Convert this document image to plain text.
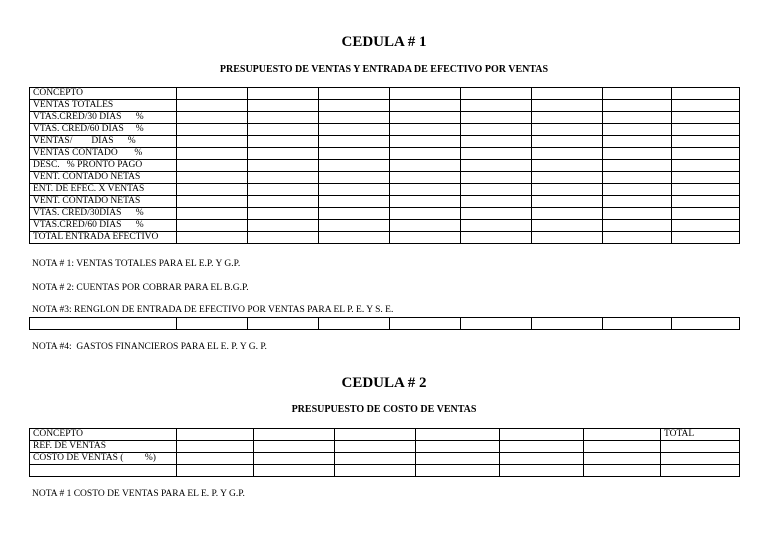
CEDULA # 1
PRESUPUESTO DE VENTAS Y ENTRADA DE EFECTIVO POR VENTAS
CONCEPTO								
VENTAS TOTALES								
VTAS.CRED/30 DIAS      %								
VTAS. CRED/60 DIAS     %								
VENTAS/        DIAS      %								
VENTAS CONTADO       %								
DESC.   % PRONTO PAGO								
VENT. CONTADO NETAS								
ENT. DE EFEC. X VENTAS								
VENT. CONTADO NETAS								
VTAS. CRED/30DIAS      %								
VTAS.CRED/60 DIAS      %								
TOTAL ENTRADA EFECTIVO								
NOTA # 1: VENTAS TOTALES PARA EL E.P. Y G.P.
NOTA # 2: CUENTAS POR COBRAR PARA EL B.G.P.
NOTA #3: RENGLON DE ENTRADA DE EFECTIVO POR VENTAS PARA EL P. E. Y S. E.

NOTA #4:  GASTOS FINANCIEROS PARA EL E. P. Y G. P.
CEDULA # 2
PRESUPUESTO DE COSTO DE VENTAS
CONCEPTO							TOTAL
REF. DE VENTAS							
COSTO DE VENTAS (         %)							

NOTA # 1 COSTO DE VENTAS PARA EL E. P. Y G.P.
